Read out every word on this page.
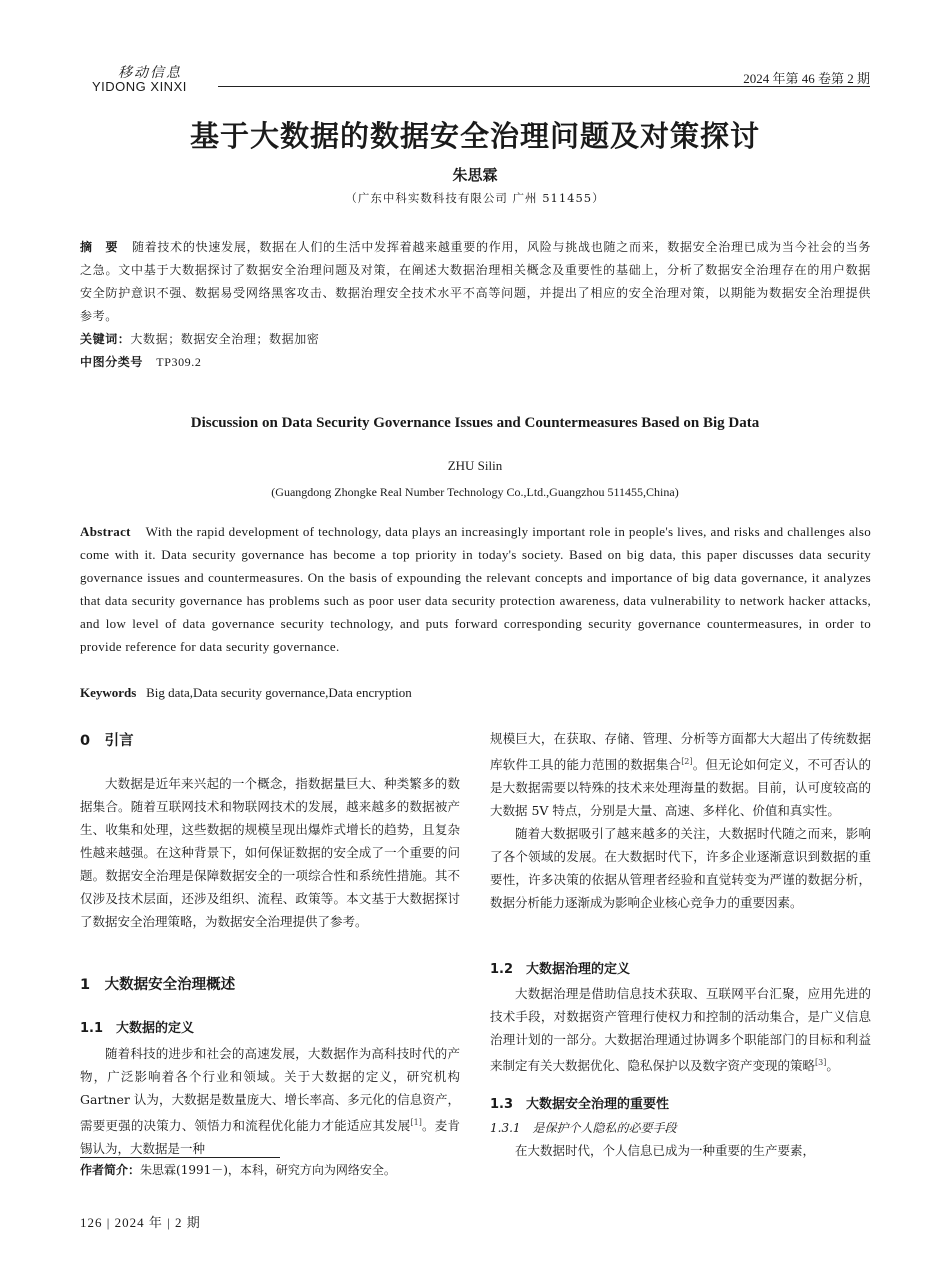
移动信息
YIDONG XINXI
2024 年第 46 卷第 2 期
基于大数据的数据安全治理问题及对策探讨
朱思霖
（广东中科实数科技有限公司 广州 511455）
摘　要 随着技术的快速发展，数据在人们的生活中发挥着越来越重要的作用，风险与挑战也随之而来，数据安全治理已成为当今社会的当务之急。文中基于大数据探讨了数据安全治理问题及对策，在阐述大数据治理相关概念及重要性的基础上，分析了数据安全治理存在的用户数据安全防护意识不强、数据易受网络黑客攻击、数据治理安全技术水平不高等问题，并提出了相应的安全治理对策，以期能为数据安全治理提供参考。
关键词：大数据；数据安全治理；数据加密
中图分类号 TP309.2
Discussion on Data Security Governance Issues and Countermeasures Based on Big Data
ZHU Silin
(Guangdong Zhongke Real Number Technology Co.,Ltd.,Guangzhou 511455,China)
Abstract With the rapid development of technology, data plays an increasingly important role in people's lives, and risks and challenges also come with it. Data security governance has become a top priority in today's society. Based on big data, this paper discusses data security governance issues and countermeasures. On the basis of expounding the relevant concepts and importance of big data governance, it analyzes that data security governance has problems such as poor user data security protection awareness, data vulnerability to network hacker attacks, and low level of data governance security technology, and puts forward corresponding security governance countermeasures, in order to provide reference for data security governance.
Keywords Big data,Data security governance,Data encryption
0　引言

大数据是近年来兴起的一个概念，指数据量巨大、种类繁多的数据集合。随着互联网技术和物联网技术的发展，越来越多的数据被产生、收集和处理，这些数据的规模呈现出爆炸式增长的趋势，且复杂性越来越强。在这种背景下，如何保证数据的安全成了一个重要的问题。数据安全治理是保障数据安全的一项综合性和系统性措施。其不仅涉及技术层面，还涉及组织、流程、政策等。本文基于大数据探讨了数据安全治理策略，为数据安全治理提供了参考。

1　大数据安全治理概述
1.1　大数据的定义

随着科技的进步和社会的高速发展，大数据作为高科技时代的产物，广泛影响着各个行业和领域。关于大数据的定义，研究机构 Gartner 认为，大数据是数量庞大、增长率高、多元化的信息资产，需要更强的决策力、领悟力和流程优化能力才能适应其发展[1]。麦肯锡认为，大数据是一种

作者简介：朱思霖(1991－)，本科，研究方向为网络安全。

规模巨大，在获取、存储、管理、分析等方面都大大超出了传统数据库软件工具的能力范围的数据集合[2]。但无论如何定义，不可否认的是大数据需要以特殊的技术来处理海量的数据。目前，认可度较高的大数据 5V 特点，分别是大量、高速、多样化、价值和真实性。

随着大数据吸引了越来越多的关注，大数据时代随之而来，影响了各个领域的发展。在大数据时代下，许多企业逐渐意识到数据的重要性，许多决策的依据从管理者经验和直觉转变为严谨的数据分析，数据分析能力逐渐成为影响企业核心竞争力的重要因素。

1.2　大数据治理的定义

大数据治理是借助信息技术获取、互联网平台汇聚，应用先进的技术手段，对数据资产管理行使权力和控制的活动集合，是广义信息治理计划的一部分。大数据治理通过协调多个职能部门的目标和利益来制定有关大数据优化、隐私保护以及数字资产变现的策略[3]。

1.3　大数据安全治理的重要性
1.3.1　是保护个人隐私的必要手段

在大数据时代，个人信息已成为一种重要的生产要素，

126 | 2024 年 | 2 期
